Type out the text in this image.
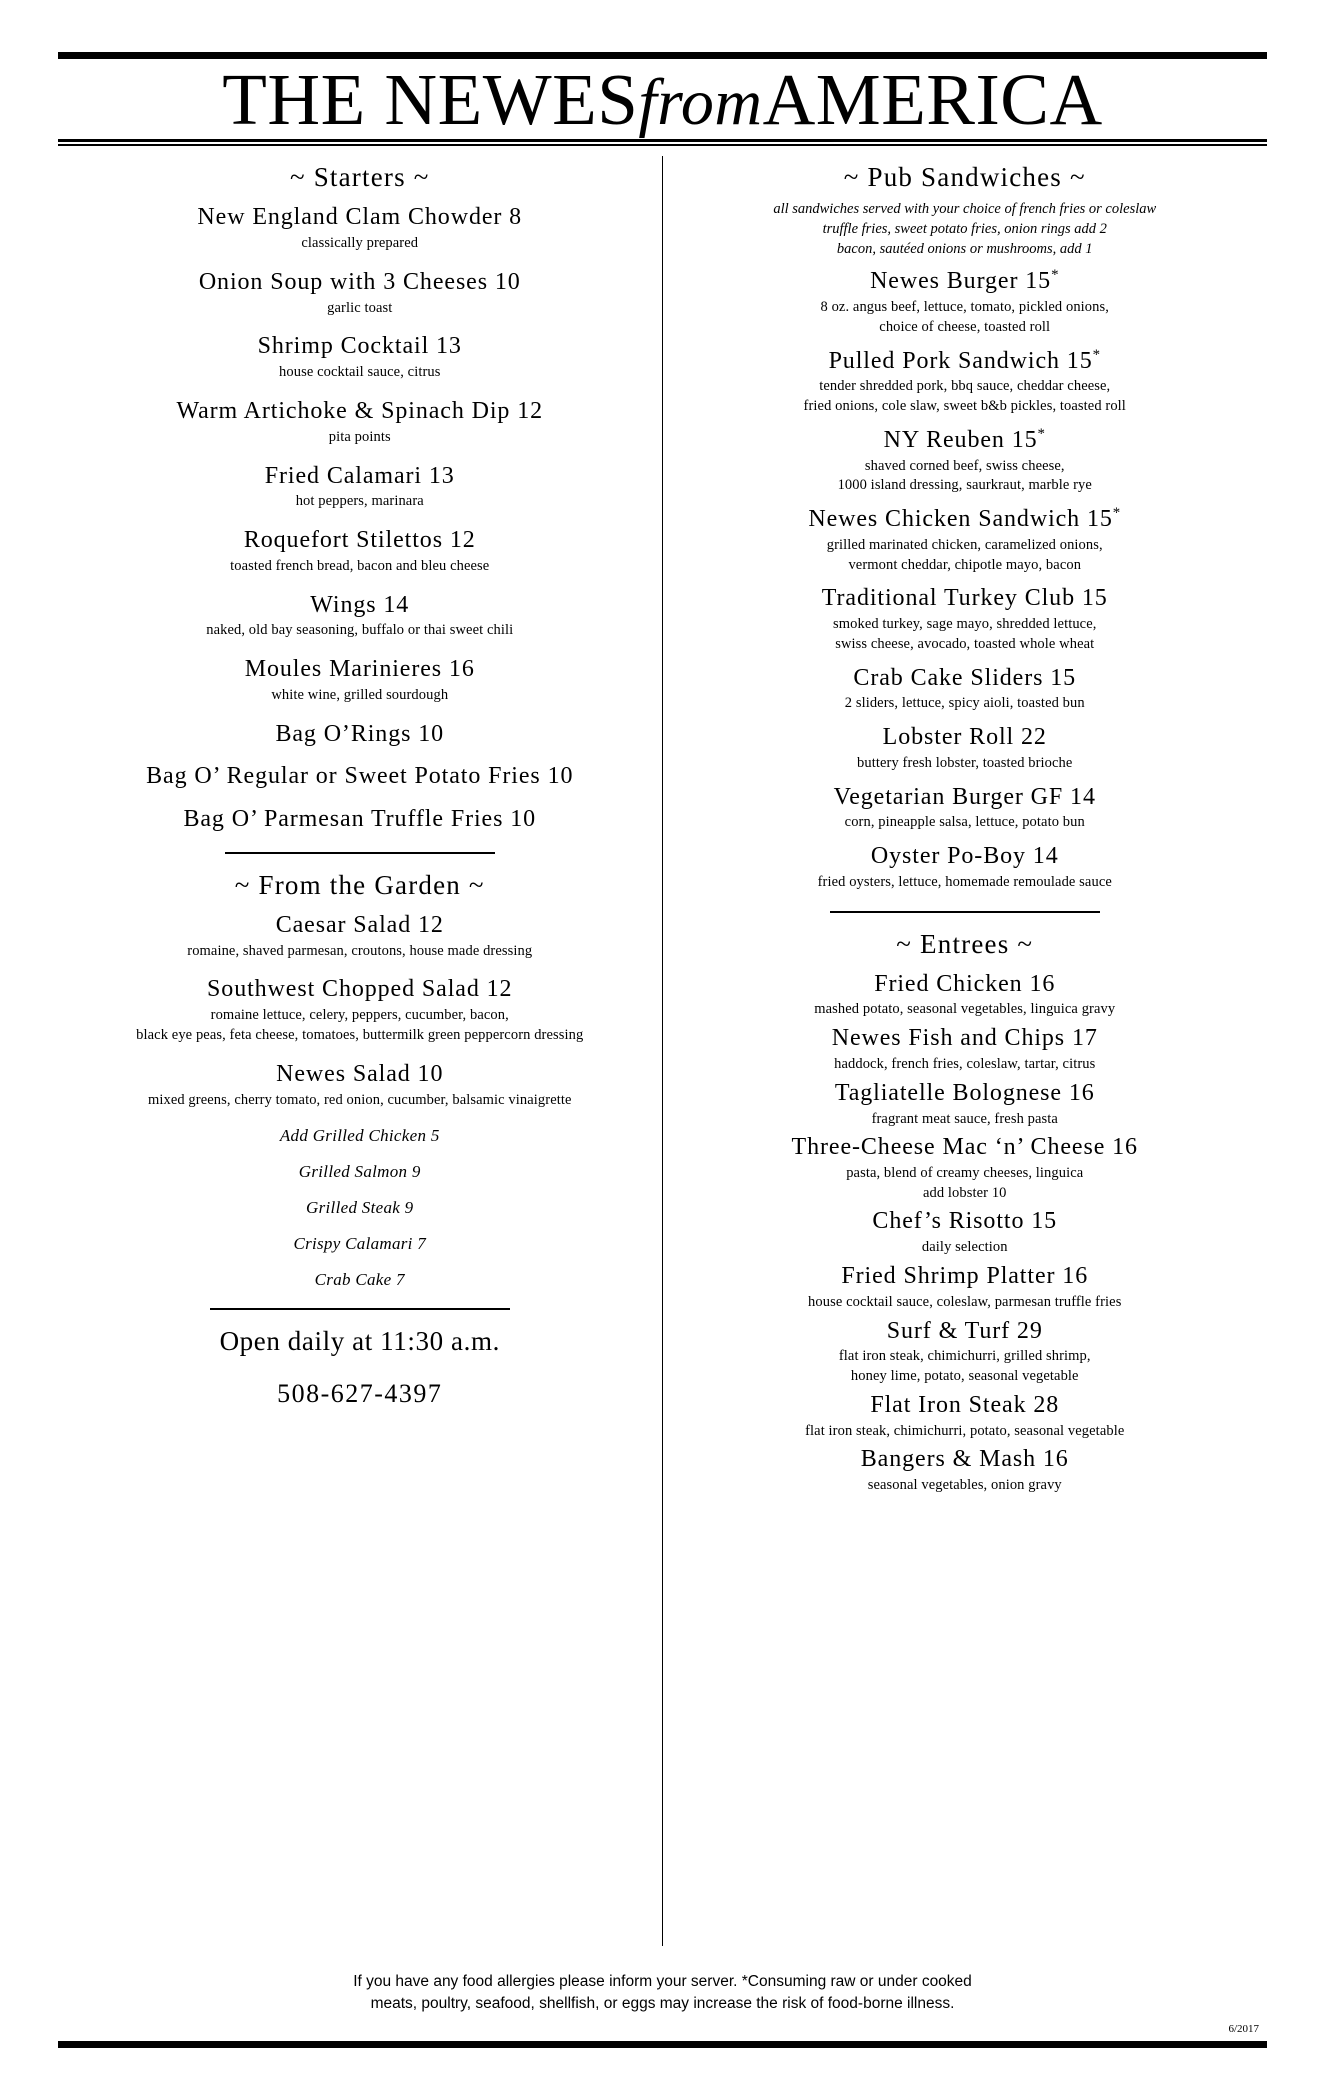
THE NEWESfromAMERICA
~ Starters ~
New England Clam Chowder 8
classically prepared
Onion Soup with 3 Cheeses 10
garlic toast
Shrimp Cocktail 13
house cocktail sauce, citrus
Warm Artichoke & Spinach Dip 12
pita points
Fried Calamari 13
hot peppers, marinara
Roquefort Stilettos 12
toasted french bread, bacon and bleu cheese
Wings 14
naked, old bay seasoning, buffalo or thai sweet chili
Moules Marinieres 16
white wine, grilled sourdough
Bag O’Rings 10
Bag O’ Regular or Sweet Potato Fries 10
Bag O’ Parmesan Truffle Fries 10
~ From the Garden ~
Caesar Salad 12
romaine, shaved parmesan, croutons, house made dressing
Southwest Chopped Salad 12
romaine lettuce, celery, peppers, cucumber, bacon,
black eye peas, feta cheese, tomatoes, buttermilk green peppercorn dressing
Newes Salad 10
mixed greens, cherry tomato, red onion, cucumber, balsamic vinaigrette
Add Grilled Chicken 5
Grilled Salmon 9
Grilled Steak 9
Crispy Calamari 7
Crab Cake 7
Open daily at 11:30 a.m.
508-627-4397
~ Pub Sandwiches ~
all sandwiches served with your choice of french fries or coleslaw
truffle fries, sweet potato fries, onion rings add 2
bacon, sautéed onions or mushrooms, add 1
Newes Burger 15*
8 oz. angus beef, lettuce, tomato, pickled onions,
choice of cheese, toasted roll
Pulled Pork Sandwich 15*
tender shredded pork, bbq sauce, cheddar cheese,
fried onions, cole slaw, sweet b&b pickles, toasted roll
NY Reuben 15*
shaved corned beef, swiss cheese,
1000 island dressing, saurkraut, marble rye
Newes Chicken Sandwich 15*
grilled marinated chicken, caramelized onions,
vermont cheddar, chipotle mayo, bacon
Traditional Turkey Club 15
smoked turkey, sage mayo, shredded lettuce,
swiss cheese, avocado, toasted whole wheat
Crab Cake Sliders 15
2 sliders, lettuce, spicy aioli, toasted bun
Lobster Roll 22
buttery fresh lobster, toasted brioche
Vegetarian Burger GF 14
corn, pineapple salsa, lettuce, potato bun
Oyster Po-Boy 14
fried oysters, lettuce, homemade remoulade sauce
~ Entrees ~
Fried Chicken 16
mashed potato, seasonal vegetables, linguica gravy
Newes Fish and Chips 17
haddock, french fries, coleslaw, tartar, citrus
Tagliatelle Bolognese 16
fragrant meat sauce, fresh pasta
Three-Cheese Mac ‘n’ Cheese 16
pasta, blend of creamy cheeses, linguica
add lobster 10
Chef’s Risotto 15
daily selection
Fried Shrimp Platter 16
house cocktail sauce, coleslaw, parmesan truffle fries
Surf & Turf 29
flat iron steak, chimichurri, grilled shrimp,
honey lime, potato, seasonal vegetable
Flat Iron Steak 28
flat iron steak, chimichurri, potato, seasonal vegetable
Bangers & Mash 16
seasonal vegetables, onion gravy
If you have any food allergies please inform your server. *Consuming raw or under cooked
meats, poultry, seafood, shellfish, or eggs may increase the risk of food-borne illness.
6/2017
